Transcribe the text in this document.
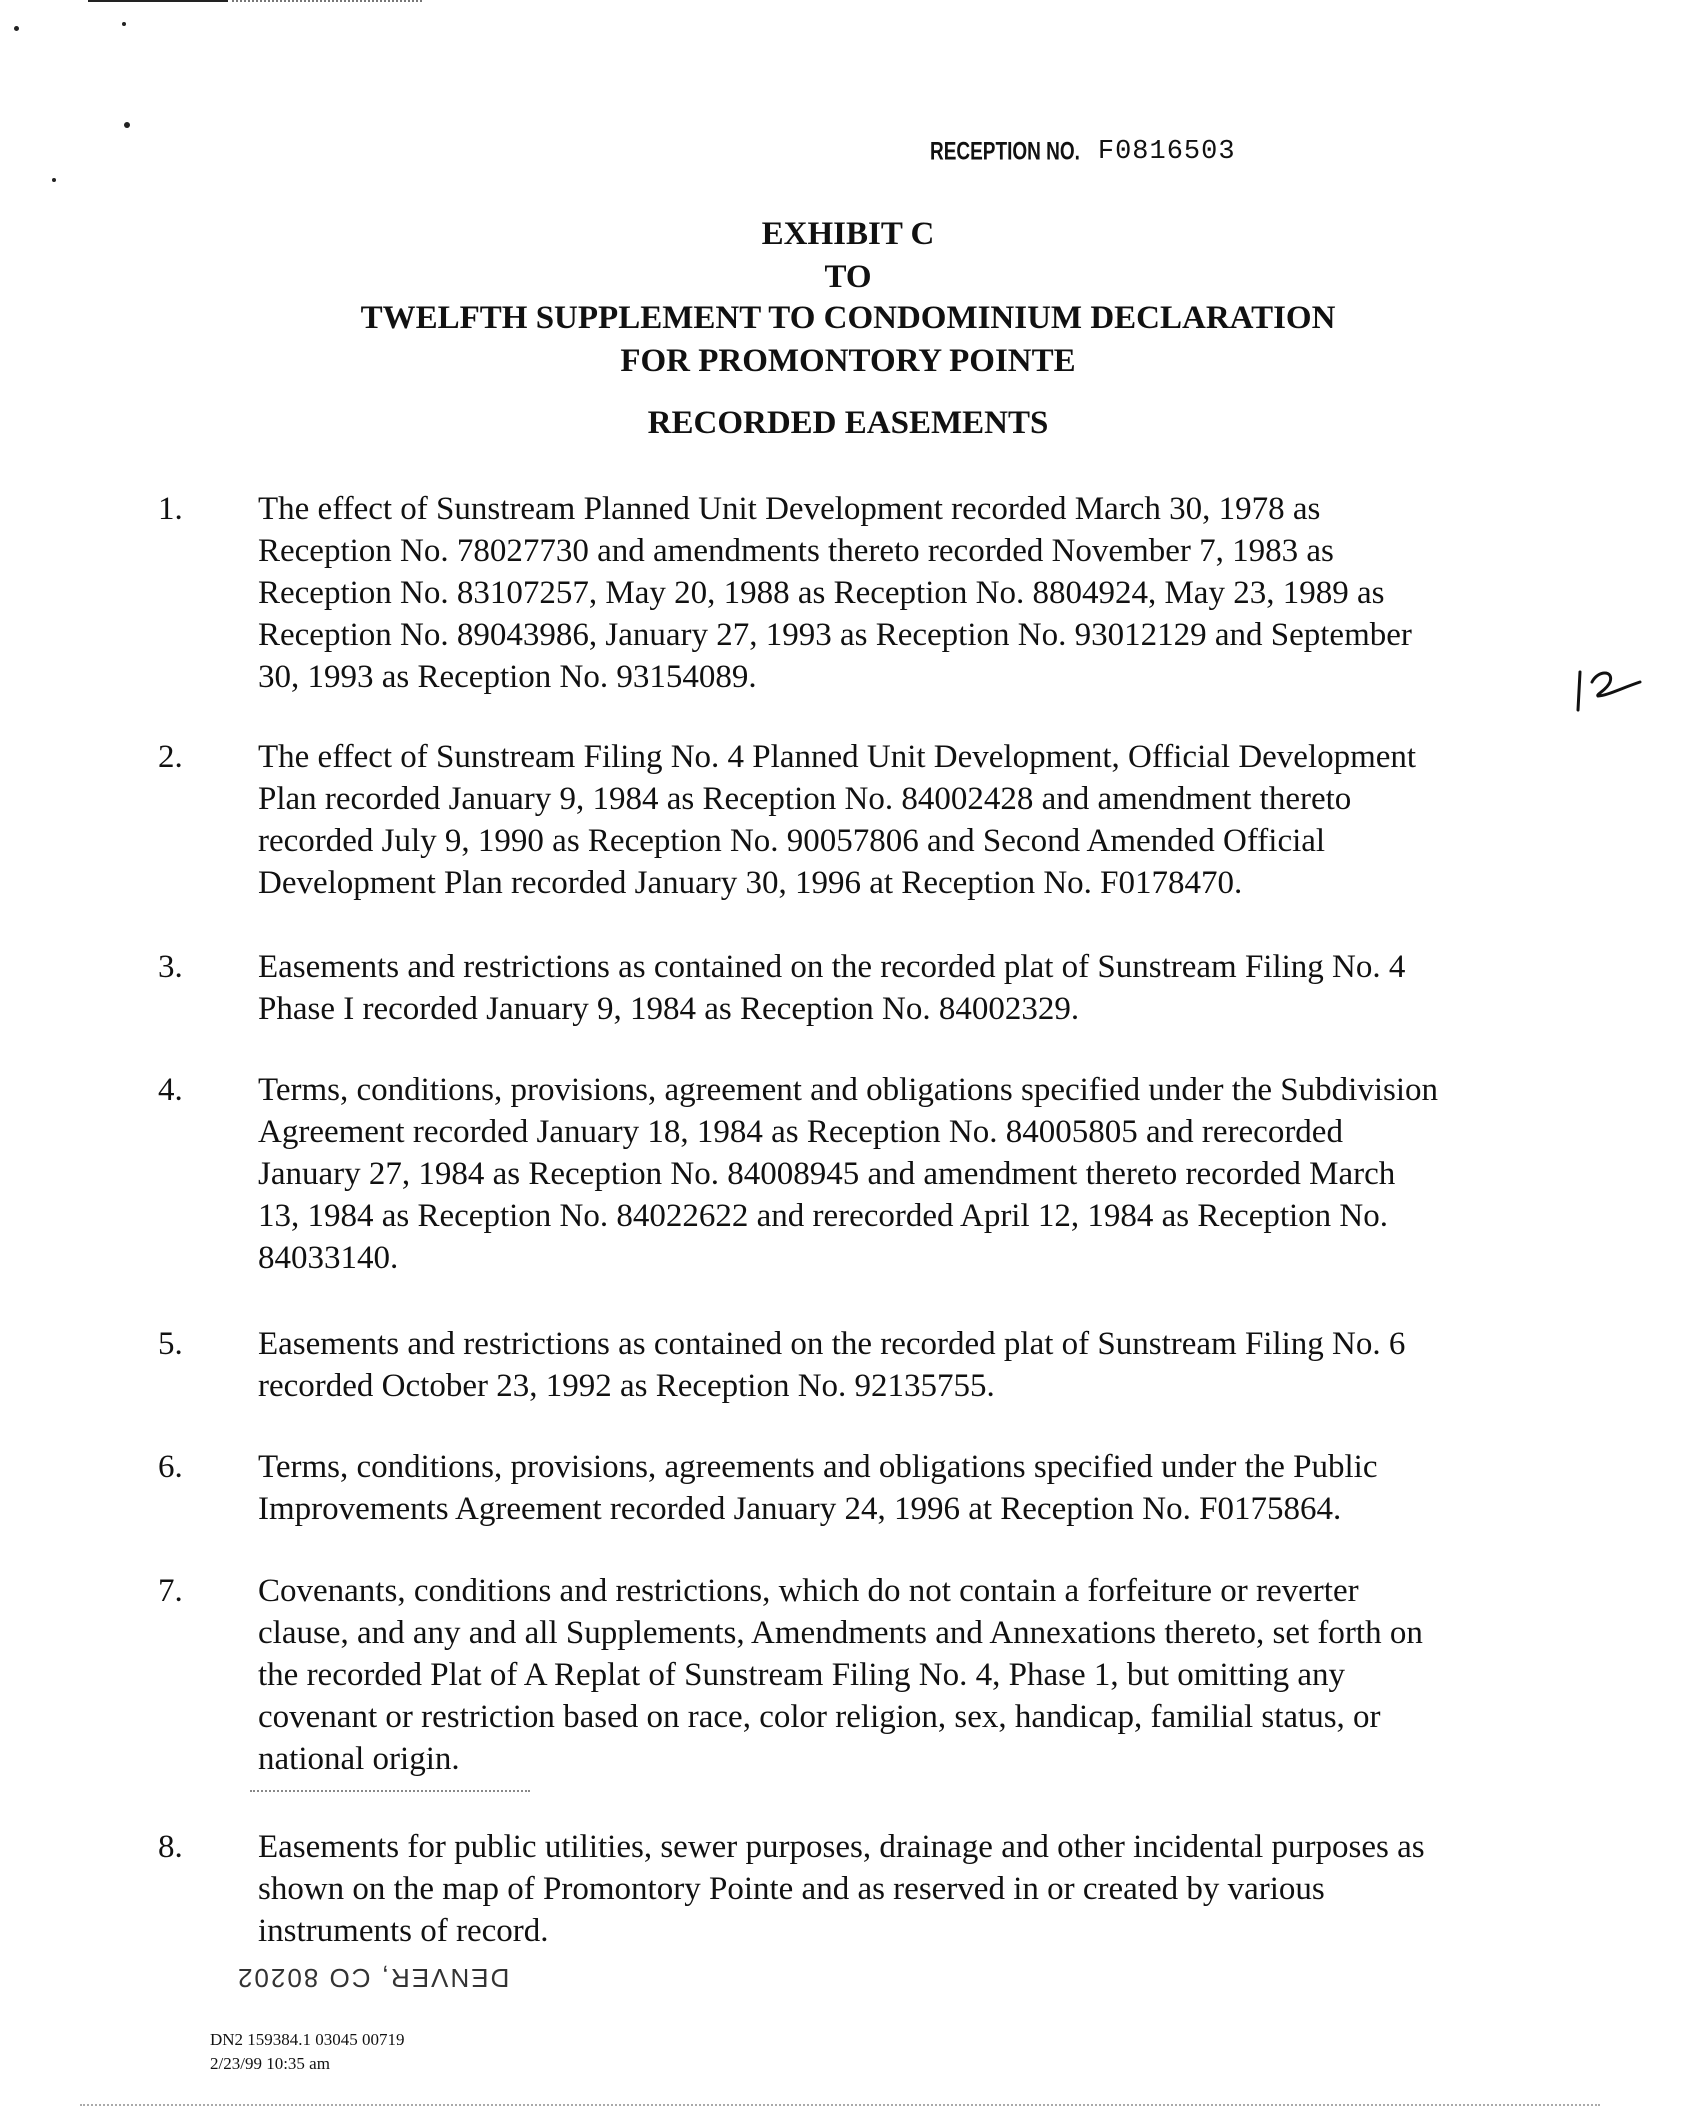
RECEPTION NO. F0816503
EXHIBIT C
TO
TWELFTH SUPPLEMENT TO CONDOMINIUM DECLARATION
FOR PROMONTORY POINTE
RECORDED EASEMENTS
1.	The effect of Sunstream Planned Unit Development recorded March 30, 1978 as
Reception No. 78027730 and amendments thereto recorded November 7, 1983 as
Reception No. 83107257, May 20, 1988 as Reception No. 8804924, May 23, 1989 as
Reception No. 89043986, January 27, 1993 as Reception No. 93012129 and September
30, 1993 as Reception No. 93154089.
2.	The effect of Sunstream Filing No. 4 Planned Unit Development, Official Development
Plan recorded January 9, 1984 as Reception No. 84002428 and amendment thereto
recorded July 9, 1990 as Reception No. 90057806 and Second Amended Official
Development Plan recorded January 30, 1996 at Reception No. F0178470.
3.	Easements and restrictions as contained on the recorded plat of Sunstream Filing No. 4
Phase I recorded January 9, 1984 as Reception No. 84002329.
4.	Terms, conditions, provisions, agreement and obligations specified under the Subdivision
Agreement recorded January 18, 1984 as Reception No. 84005805 and rerecorded
January 27, 1984 as Reception No. 84008945 and amendment thereto recorded March
13, 1984 as Reception No. 84022622 and rerecorded April 12, 1984 as Reception No.
84033140.
5.	Easements and restrictions as contained on the recorded plat of Sunstream Filing No. 6
recorded October 23, 1992 as Reception No. 92135755.
6.	Terms, conditions, provisions, agreements and obligations specified under the Public
Improvements Agreement recorded January 24, 1996 at Reception No. F0175864.
7.	Covenants, conditions and restrictions, which do not contain a forfeiture or reverter
clause, and any and all Supplements, Amendments and Annexations thereto, set forth on
the recorded Plat of A Replat of Sunstream Filing No. 4, Phase 1, but omitting any
covenant or restriction based on race, color religion, sex, handicap, familial status, or
national origin.
8.	Easements for public utilities, sewer purposes, drainage and other incidental purposes as
shown on the map of Promontory Pointe and as reserved in or created by various
instruments of record.
DENVER, CO 80202
DN2 159384.1 03045 00719
2/23/99 10:35 am
